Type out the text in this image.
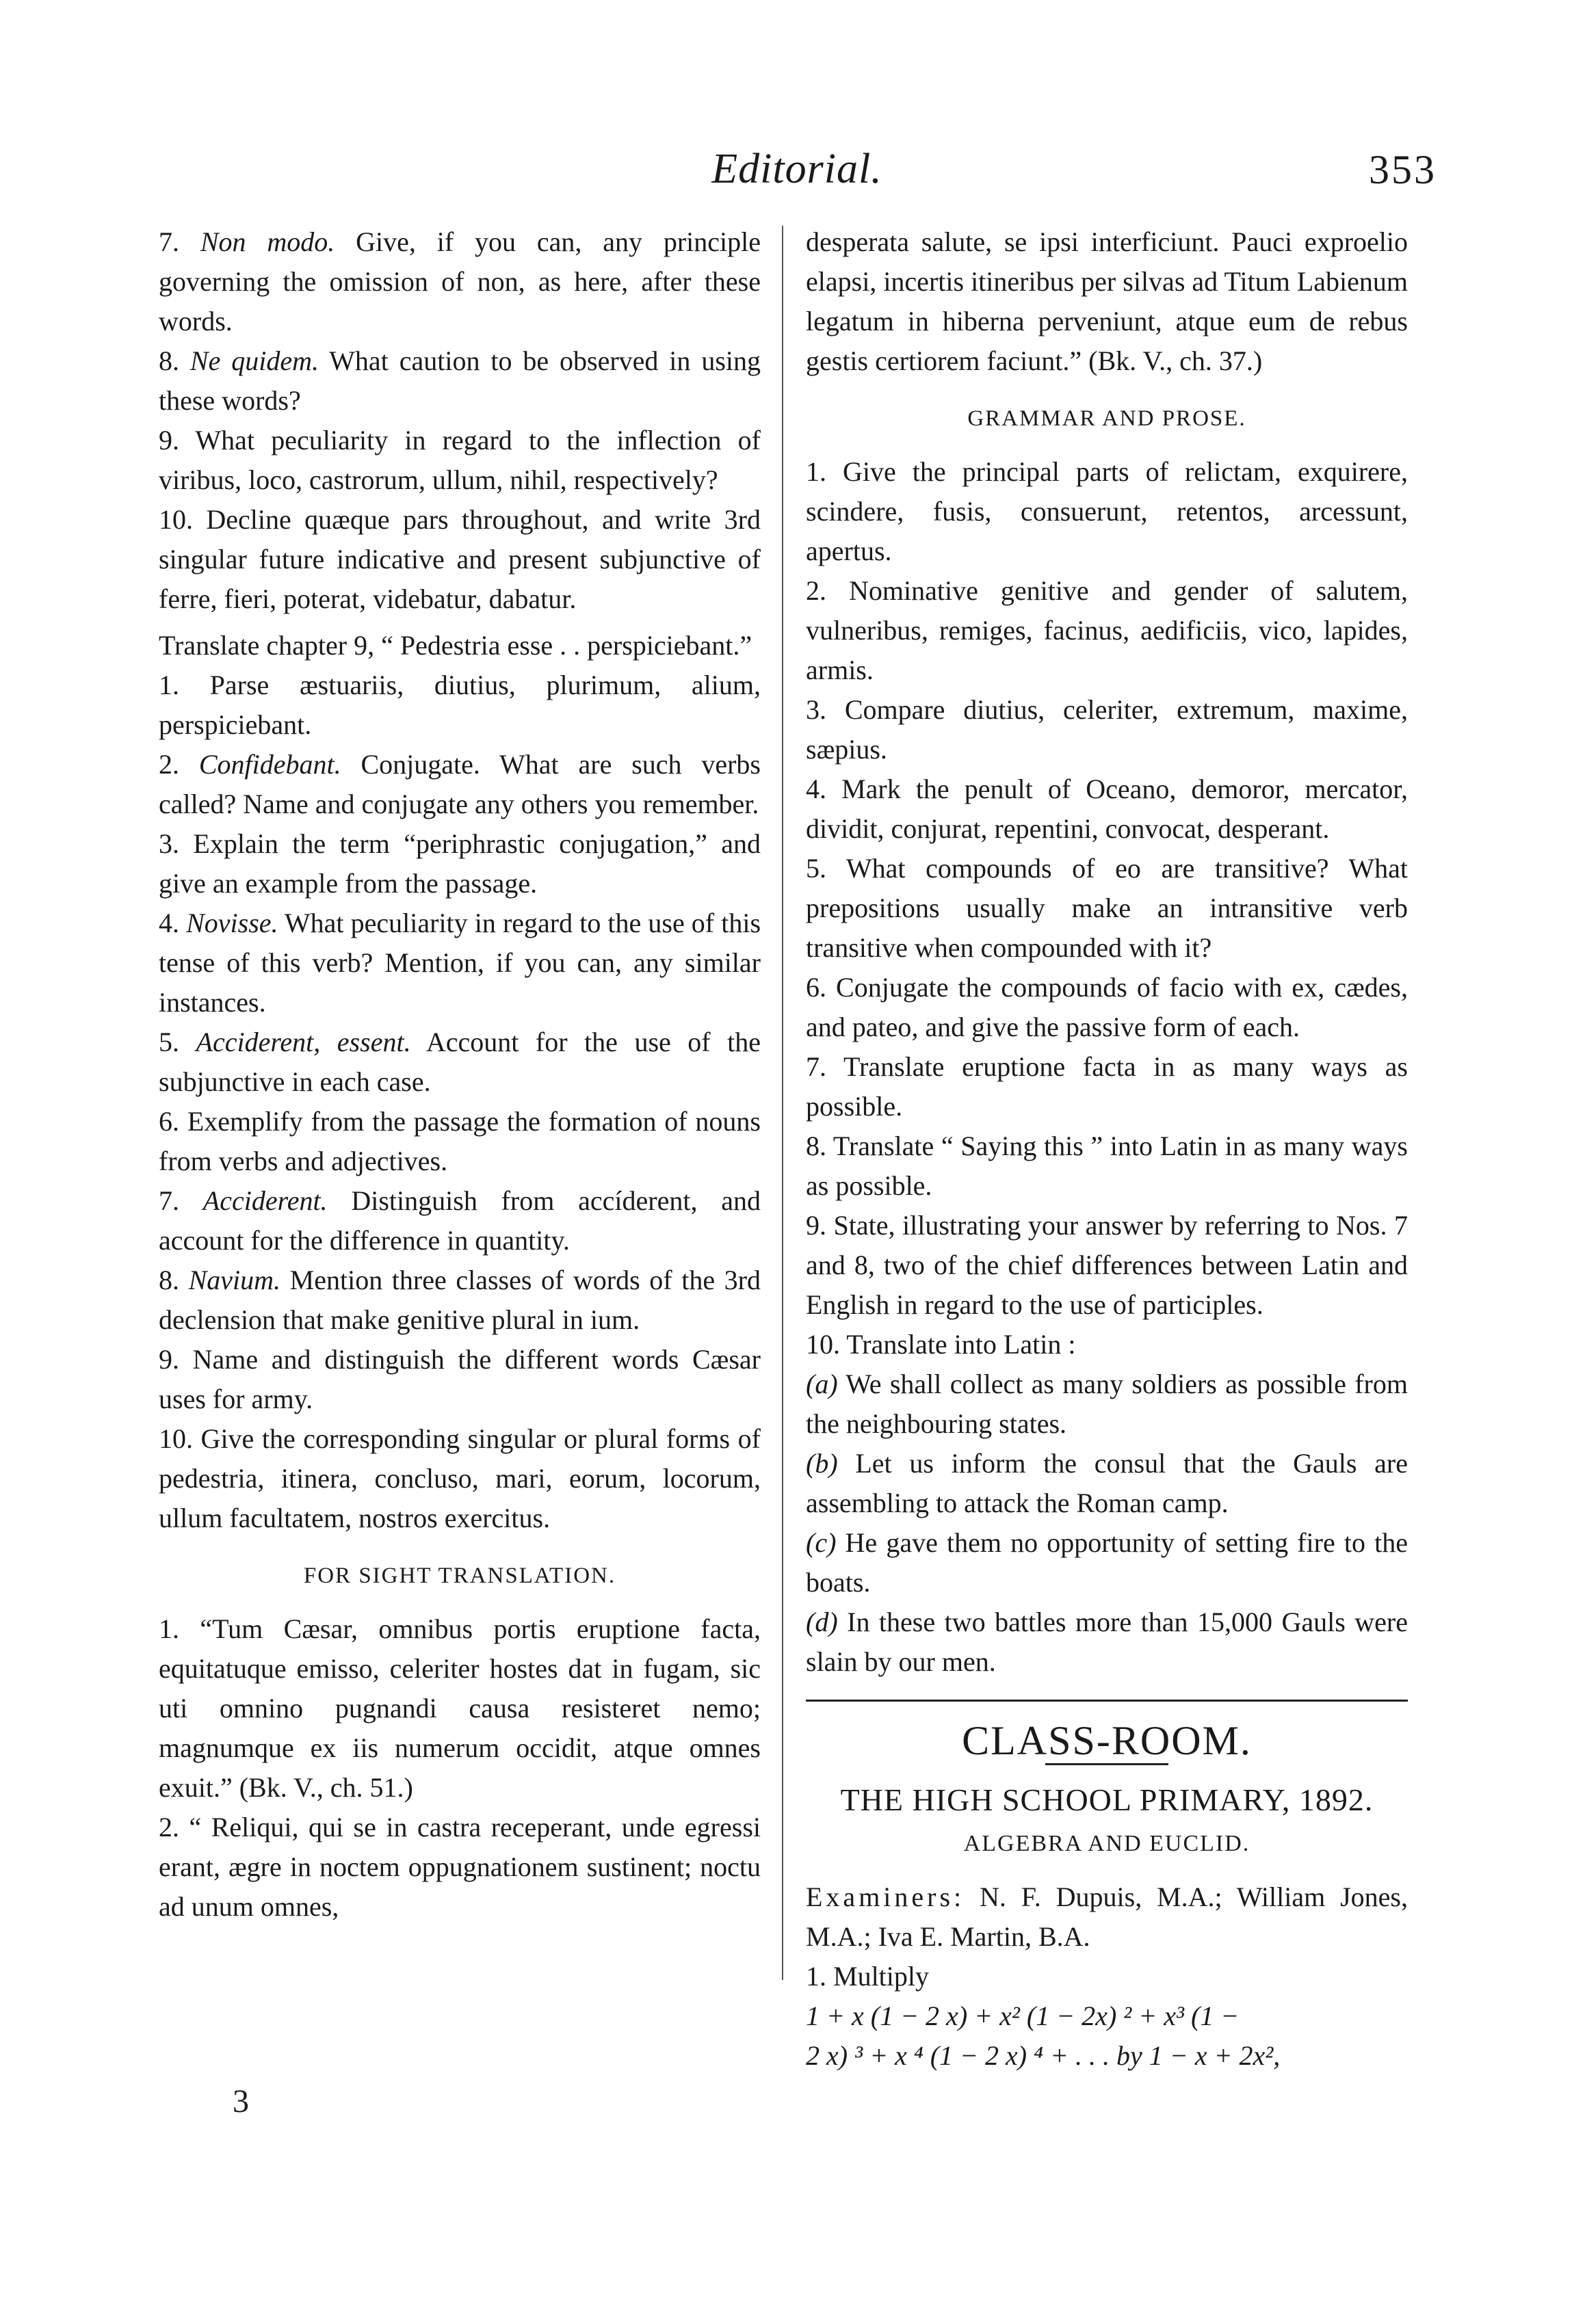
Editorial.	353

7. Non modo. Give, if you can, any principle governing the omission of non, as here, after these words.

8. Ne quidem. What caution to be observed in using these words?

9. What peculiarity in regard to the inflection of viribus, loco, castrorum, ullum, nihil, respectively?

10. Decline quæque pars throughout, and write 3rd singular future indicative and present subjunctive of ferre, fieri, poterat, videbatur, dabatur.

Translate chapter 9, “ Pedestria esse . . perspiciebant.”

1. Parse æstuariis, diutius, plurimum, alium, perspiciebant.

2. Confidebant. Conjugate. What are such verbs called? Name and conjugate any others you remember.

3. Explain the term “periphrastic conjugation,” and give an example from the passage.

4. Novisse. What peculiarity in regard to the use of this tense of this verb? Mention, if you can, any similar instances.

5. Acciderent, essent. Account for the use of the subjunctive in each case.

6. Exemplify from the passage the formation of nouns from verbs and adjectives.

7. Acciderent. Distinguish from accíderent, and account for the difference in quantity.

8. Navium. Mention three classes of words of the 3rd declension that make genitive plural in ium.

9. Name and distinguish the different words Cæsar uses for army.

10. Give the corresponding singular or plural forms of pedestria, itinera, concluso, mari, eorum, locorum, ullum facultatem, nostros exercitus.

FOR SIGHT TRANSLATION.

1. “Tum Cæsar, omnibus portis eruptione facta, equitatuque emisso, celeriter hostes dat in fugam, sic uti omnino pugnandi causa resisteret nemo; magnumque ex iis numerum occidit, atque omnes exuit.” (Bk. V., ch. 51.)

2. “ Reliqui, qui se in castra receperant, unde egressi erant, ægre in noctem oppugnationem sustinent; noctu ad unum omnes,

desperata salute, se ipsi interficiunt. Pauci exproelio elapsi, incertis itineribus per silvas ad Titum Labienum legatum in hiberna perveniunt, atque eum de rebus gestis certiorem faciunt.” (Bk. V., ch. 37.)

GRAMMAR AND PROSE.

1. Give the principal parts of relictam, exquirere, scindere, fusis, consuerunt, retentos, arcessunt, apertus.

2. Nominative genitive and gender of salutem, vulneribus, remiges, facinus, aedificiis, vico, lapides, armis.

3. Compare diutius, celeriter, extremum, maxime, sæpius.

4. Mark the penult of Oceano, demoror, mercator, dividit, conjurat, repentini, convocat, desperant.

5. What compounds of eo are transitive? What prepositions usually make an intransitive verb transitive when compounded with it?

6. Conjugate the compounds of facio with ex, cædes, and pateo, and give the passive form of each.

7. Translate eruptione facta in as many ways as possible.

8. Translate “ Saying this ” into Latin in as many ways as possible.

9. State, illustrating your answer by referring to Nos. 7 and 8, two of the chief differences between Latin and English in regard to the use of participles.

10. Translate into Latin :

(a) We shall collect as many soldiers as possible from the neighbouring states.

(b) Let us inform the consul that the Gauls are assembling to attack the Roman camp.

(c) He gave them no opportunity of setting fire to the boats.

(d) In these two battles more than 15,000 Gauls were slain by our men.

CLASS-ROOM.
THE HIGH SCHOOL PRIMARY, 1892.
ALGEBRA AND EUCLID.

Examiners: N. F. Dupuis, M.A.; William Jones, M.A.; Iva E. Martin, B.A.

1. Multiply

1 + x (1 − 2 x) + x² (1 − 2x) ² + x³ (1 −

2 x) ³ + x ⁴ (1 − 2 x) ⁴ + . . . by 1 − x + 2x²,

3
